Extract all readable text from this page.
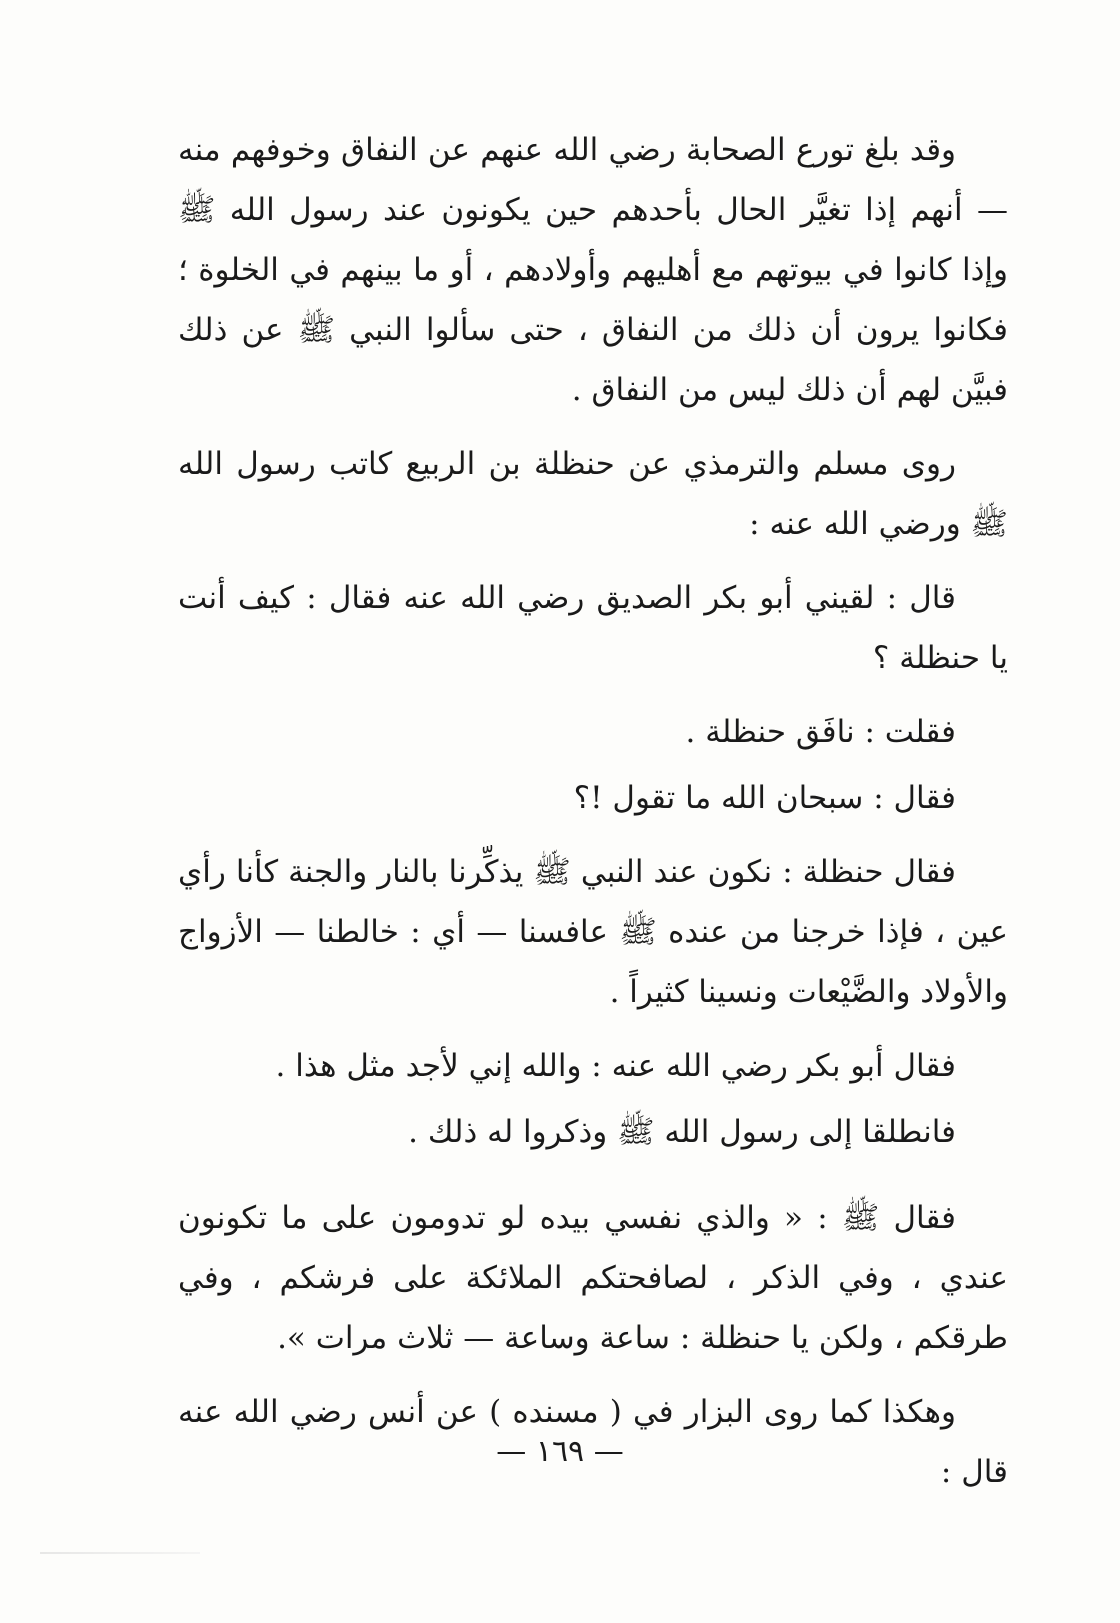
وقد بلغ تورع الصحابة رضي الله عنهم عن النفاق وخوفهم منه — أنهم إذا تغيَّر الحال بأحدهم حين يكونون عند رسول الله ﷺ وإذا كانوا في بيوتهم مع أهليهم وأولادهم ، أو ما بينهم في الخلوة ؛ فكانوا يرون أن ذلك من النفاق ، حتى سألوا النبي ﷺ عن ذلك فبيَّن لهم أن ذلك ليس من النفاق .

روى مسلم والترمذي عن حنظلة بن الربيع كاتب رسول الله ﷺ ورضي الله عنه :

قال : لقيني أبو بكر الصديق رضي الله عنه فقال : كيف أنت يا حنظلة ؟

فقلت : نافَق حنظلة .

فقال : سبحان الله ما تقول !؟

فقال حنظلة : نكون عند النبي ﷺ يذكِّرنا بالنار والجنة كأنا رأي عين ، فإذا خرجنا من عنده ﷺ عافسنا — أي : خالطنا — الأزواج والأولاد والضَّيْعات ونسينا كثيراً .

فقال أبو بكر رضي الله عنه : والله إني لأجد مثل هذا .

فانطلقا إلى رسول الله ﷺ وذكروا له ذلك .

فقال ﷺ : « والذي نفسي بيده لو تدومون على ما تكونون عندي ، وفي الذكر ، لصافحتكم الملائكة على فرشكم ، وفي طرقكم ، ولكن يا حنظلة : ساعة وساعة — ثلاث مرات ».

وهكذا كما روى البزار في ( مسنده ) عن أنس رضي الله عنه قال :

— ١٦٩ —
